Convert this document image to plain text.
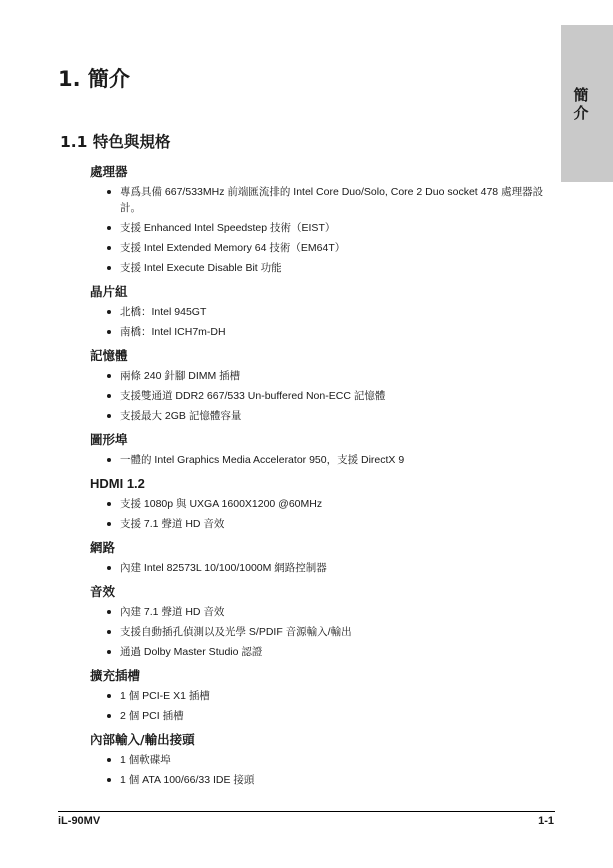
簡介
1. 簡介
1.1 特色與規格
處理器
專爲具備 667/533MHz 前端匯流排的 Intel Core Duo/Solo, Core 2 Duo socket 478 處理器設計。
支援 Enhanced Intel Speedstep 技術（EIST）
支援 Intel Extended Memory 64 技術（EM64T）
支援 Intel Execute Disable Bit 功能
晶片組
北橋：Intel 945GT
南橋：Intel ICH7m-DH
記憶體
兩條 240 針腳 DIMM 插槽
支援雙通道 DDR2 667/533 Un-buffered Non-ECC 記憶體
支援最大 2GB 記憶體容量
圖形埠
一體的 Intel Graphics Media Accelerator 950，支援 DirectX 9
HDMI 1.2
支援 1080p 與 UXGA 1600X1200 @60MHz
支援 7.1 聲道 HD 音效
網路
內建 Intel 82573L 10/100/1000M 網路控制器
音效
內建 7.1 聲道 HD 音效
支援自動插孔偵測以及光學 S/PDIF 音源輸入/輸出
通過 Dolby Master Studio 認證
擴充插槽
1 個 PCI-E X1 插槽
2 個 PCI 插槽
內部輸入/輸出接頭
1 個軟碟埠
1 個 ATA 100/66/33 IDE 接頭
iL-90MV	1-1
